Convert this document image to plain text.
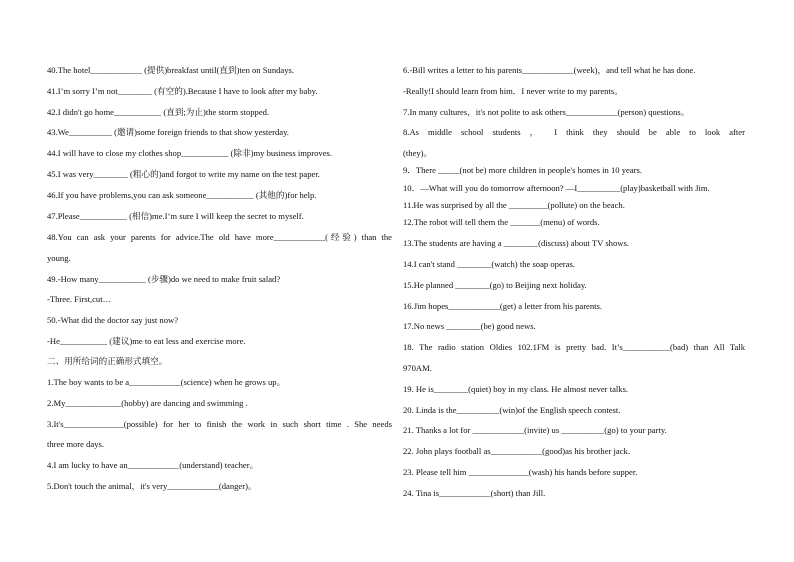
40.The hotel____________ (提供)breakfast until(直到)ten on Sundays.
41.I’m sorry I’m not________ (有空的).Because I have to look after my baby.
42.I didn't go home___________ (直到;为止)the storm stopped.
43.We__________ (邀请)some foreign friends to that show yesterday.
44.I will have to close my clothes shop___________ (除非)my business improves.
45.I was very________ (粗心的)and forgot to write my name on the test paper.
46.If you have problems,you can ask someone___________ (其他的)for help.
47.Please___________ (相信)me.I’m sure I will keep the secret to myself.
48.You can ask your parents for advice.The old have more____________(经验) than the
young.
49.-How many___________ (步骤)do we need to make fruit salad?
-Three. First,cut…
50.-What did the doctor say just now?
-He___________ (建议)me to eat less and exercise more.
二、用所给词的正确形式填空。
1.The boy wants to be a____________(science) when he grows up。
2.My_____________(hobby) are dancing and swimming .
3.It's______________(possible) for her to finish the work in such short time . She needs
three more days.
4.I am lucky to have an____________(understand) teacher。
5.Don't touch the animal，it's very____________(danger)。
6.-Bill writes a letter to his parents____________(week)，and tell what he has done.
-Really!I should learn from him．I never write to my parents。
7.In many cultures，it's not polite to ask others____________(person) questions。
8.As middle school students ， I think they should be able to look after
(they)。
9．There _____(not be) more children in people's homes in 10 years.
10．—What will you do tomorrow afternoon? —I__________(play)basketball with Jim.
11.He was surprised by all the _________(pollute) on the beach.
12.The robot will tell them the _______(menu) of words.
13.The students are having a ________(discuss) about TV shows.
14.I can't stand ________(watch) the soap operas.
15.He planned ________(go) to Beijing next holiday.
16.Jim hopes____________(get) a letter from his parents.
17.No news ________(be) good news.
18. The radio station Oldies 102.1FM is pretty bad. It’s___________(bad) than All Talk
970AM.
19. He is________(quiet) boy in my class. He almost never talks.
20. Linda is the__________(win)of the English speech contest.
21. Thanks a lot for ____________(invite) us __________(go) to your party.
22. John plays football as____________(good)as his brother jack.
23. Please tell him ______________(wash) his hands before supper.
24. Tina is____________(short) than Jill.
